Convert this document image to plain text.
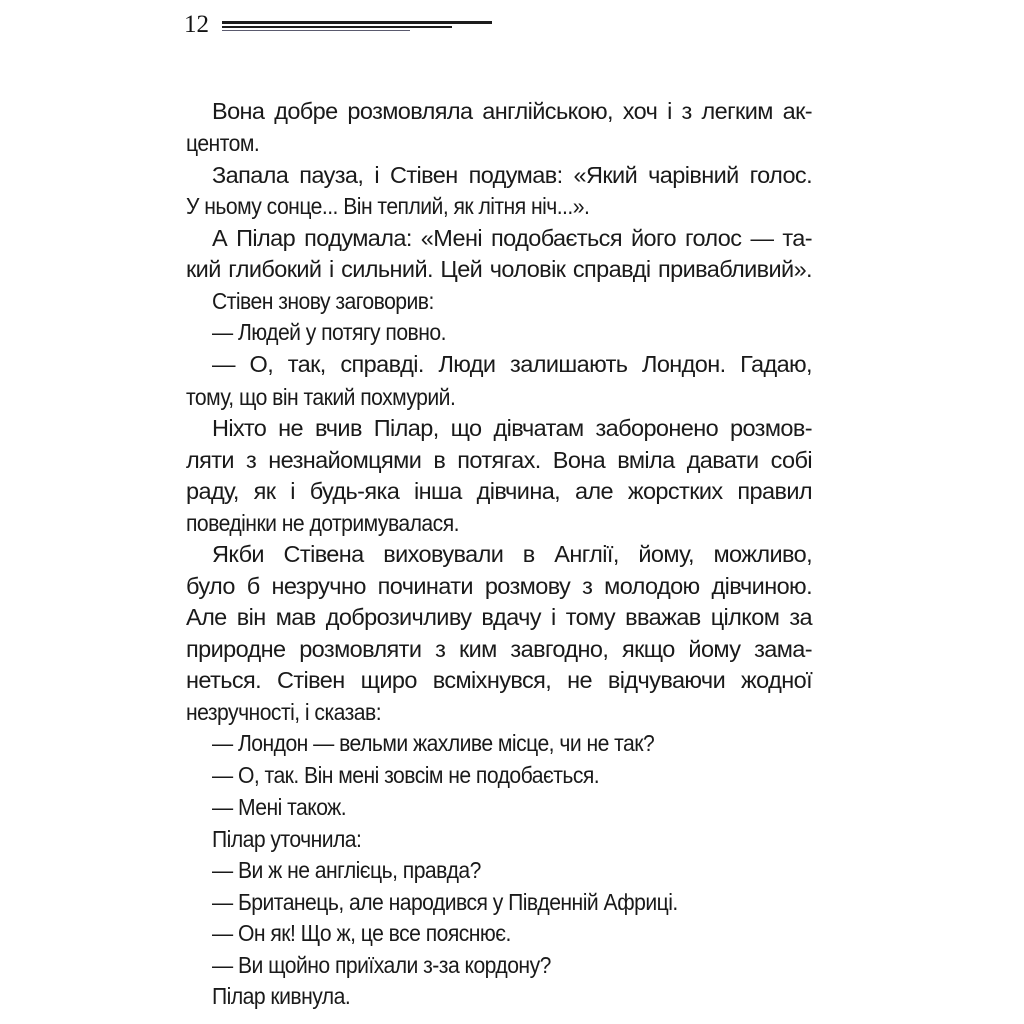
12
Вона добре розмовляла англійською, хоч і з легким ак-
центом.
Запала пауза, і Стівен подумав: «Який чарівний голос.
У ньому сонце... Він теплий, як літня ніч...».
А Пілар подумала: «Мені подобається його голос — та-
кий глибокий і сильний. Цей чоловік справді привабливий».
Стівен знову заговорив:
— Людей у потягу повно.
— О, так, справді. Люди залишають Лондон. Гадаю,
тому, що він такий похмурий.
Ніхто не вчив Пілар, що дівчатам заборонено розмов-
ляти з незнайомцями в потягах. Вона вміла давати собі
раду, як і будь-яка інша дівчина, але жорстких правил
поведінки не дотримувалася.
Якби Стівена виховували в Англії, йому, можливо,
було б незручно починати розмову з молодою дівчиною.
Але він мав доброзичливу вдачу і тому вважав цілком за
природне розмовляти з ким завгодно, якщо йому зама-
неться. Стівен щиро всміхнувся, не відчуваючи жодної
незручності, і сказав:
— Лондон — вельми жахливе місце, чи не так?
— О, так. Він мені зовсім не подобається.
— Мені також.
Пілар уточнила:
— Ви ж не англієць, правда?
— Британець, але народився у Південній Африці.
— Он як! Що ж, це все пояснює.
— Ви щойно приїхали з-за кордону?
Пілар кивнула.
